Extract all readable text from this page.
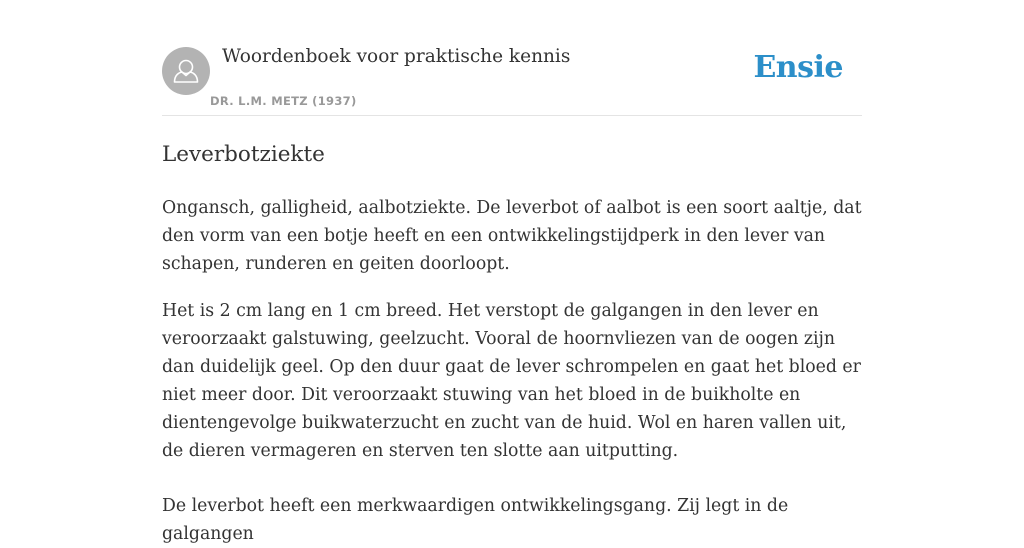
Woordenboek voor praktische kennis
DR. L.M. METZ (1937)
Ensie
Leverbotziekte

Ongansch, galligheid, aalbotziekte. De leverbot of aalbot is een soort aaltje, dat den vorm van een botje heeft en een ontwikkelingstijdperk in den lever van schapen, runderen en geiten doorloopt.

Het is 2 cm lang en 1 cm breed. Het verstopt de galgangen in den lever en veroorzaakt galstuwing, geelzucht. Vooral de hoornvliezen van de oogen zijn dan duidelijk geel. Op den duur gaat de lever schrompelen en gaat het bloed er niet meer door. Dit veroorzaakt stuwing van het bloed in de buikholte en dientengevolge buikwaterzucht en zucht van de huid. Wol en haren vallen uit, de dieren vermageren en sterven ten slotte aan uitputting.

De leverbot heeft een merkwaardigen ontwikkelingsgang. Zij legt in de galgangen
